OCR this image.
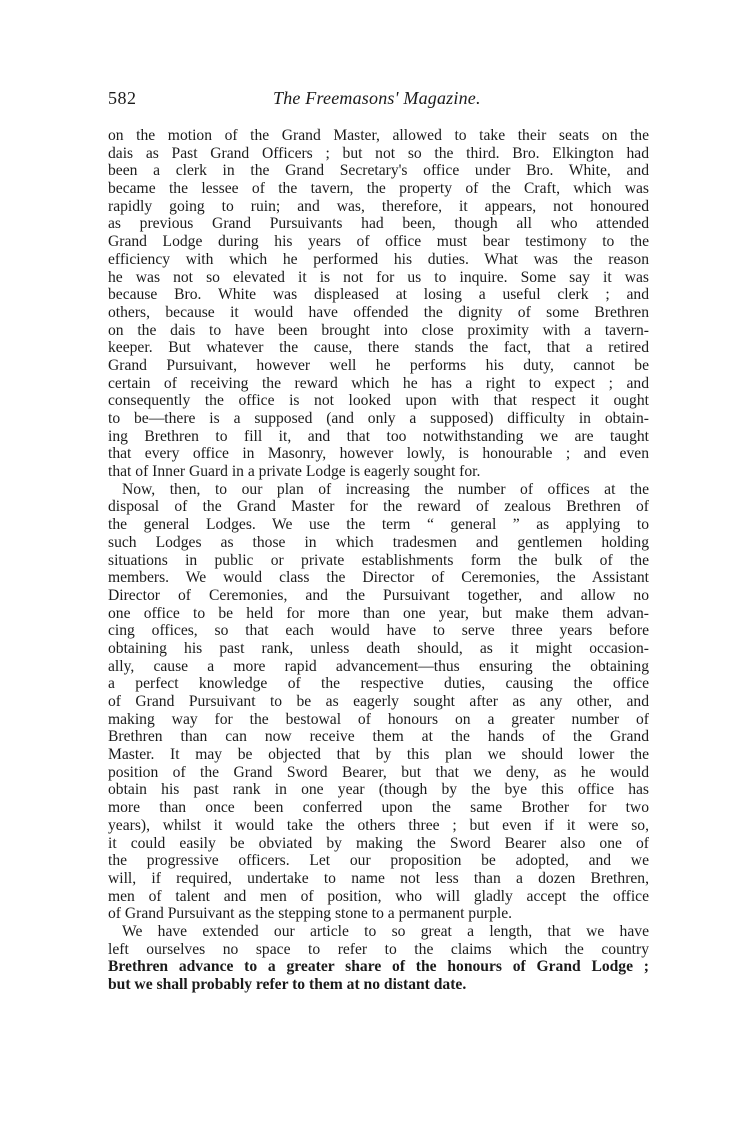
582	The Freemasons' Magazine.
on the motion of the Grand Master, allowed to take their seats on the
dais as Past Grand Officers ; but not so the third. Bro. Elkington had
been a clerk in the Grand Secretary's office under Bro. White, and
became the lessee of the tavern, the property of the Craft, which was
rapidly going to ruin; and was, therefore, it appears, not honoured
as previous Grand Pursuivants had been, though all who attended
Grand Lodge during his years of office must bear testimony to the
efficiency with which he performed his duties. What was the reason
he was not so elevated it is not for us to inquire. Some say it was
because Bro. White was displeased at losing a useful clerk ; and
others, because it would have offended the dignity of some Brethren
on the dais to have been brought into close proximity with a tavern-
keeper. But whatever the cause, there stands the fact, that a retired
Grand Pursuivant, however well he performs his duty, cannot be
certain of receiving the reward which he has a right to expect ; and
consequently the office is not looked upon with that respect it ought
to be—there is a supposed (and only a supposed) difficulty in obtain-
ing Brethren to fill it, and that too notwithstanding we are taught
that every office in Masonry, however lowly, is honourable ; and even
that of Inner Guard in a private Lodge is eagerly sought for.
Now, then, to our plan of increasing the number of offices at the
disposal of the Grand Master for the reward of zealous Brethren of
the general Lodges. We use the term “ general ” as applying to
such Lodges as those in which tradesmen and gentlemen holding
situations in public or private establishments form the bulk of the
members. We would class the Director of Ceremonies, the Assistant
Director of Ceremonies, and the Pursuivant together, and allow no
one office to be held for more than one year, but make them advan-
cing offices, so that each would have to serve three years before
obtaining his past rank, unless death should, as it might occasion-
ally, cause a more rapid advancement—thus ensuring the obtaining
a perfect knowledge of the respective duties, causing the office
of Grand Pursuivant to be as eagerly sought after as any other, and
making way for the bestowal of honours on a greater number of
Brethren than can now receive them at the hands of the Grand
Master. It may be objected that by this plan we should lower the
position of the Grand Sword Bearer, but that we deny, as he would
obtain his past rank in one year (though by the bye this office has
more than once been conferred upon the same Brother for two
years), whilst it would take the others three ; but even if it were so,
it could easily be obviated by making the Sword Bearer also one of
the progressive officers. Let our proposition be adopted, and we
will, if required, undertake to name not less than a dozen Brethren,
men of talent and men of position, who will gladly accept the office
of Grand Pursuivant as the stepping stone to a permanent purple.
We have extended our article to so great a length, that we have
left ourselves no space to refer to the claims which the country
Brethren advance to a greater share of the honours of Grand Lodge ;
but we shall probably refer to them at no distant date.
